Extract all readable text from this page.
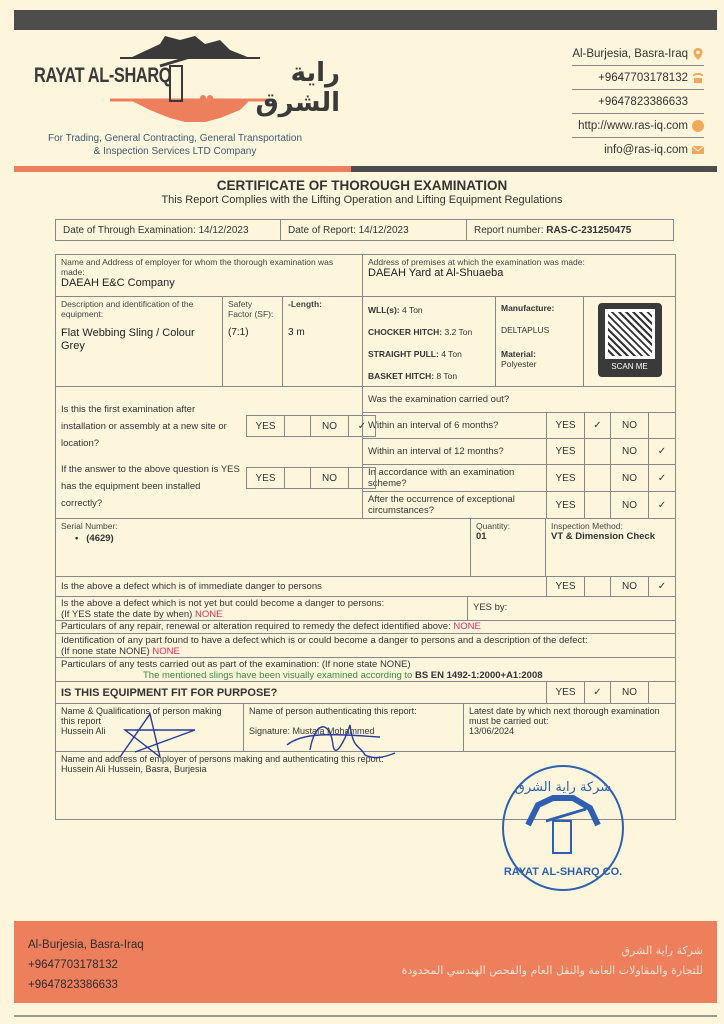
RAYAT AL-SHARQ	راية الشرق
For Trading, General Contracting, General Transportation
& Inspection Services LTD Company
Al-Burjesia, Basra-Iraq
+9647703178132
+9647823386633
http://www.ras-iq.com
info@ras-iq.com
CERTIFICATE OF THOROUGH EXAMINATION

This Report Complies with the Lifting Operation and Lifting Equipment Regulations

Date of Through Examination: 14/12/2023	Date of Report: 14/12/2023	Report number: RAS-C-231250475
Name and Address of employer for whom the thorough examination was made:
DAEAH E&C Company
Address of premises at which the examination was made:
DAEAH Yard at Al-Shuaeba
Description and identification of the equipment:
Flat Webbing Sling / Colour Grey
Safety Factor (SF):
(7:1)
-Length:
3 m
WLL(s): 4 Ton
CHOCKER HITCH: 3.2 Ton
STRAIGHT PULL: 4 Ton
BASKET HITCH: 8 Ton
Manufacture:
DELTAPLUS
Material:
Polyester	SCAN ME
Is this the first examination after installation or assembly at a new site or location?
YES	NO	✓
If the answer to the above question is YES has the equipment been installed correctly?
YES	NO
Was the examination carried out?
Within an interval of 6 months?	YES	✓	NO
Within an interval of 12 months?	YES	NO	✓
In accordance with an examination scheme?	YES	NO	✓
After the occurrence of exceptional circumstances?	YES	NO	✓
Serial Number:
•   (4629)
Quantity:
01
Inspection Method:
VT & Dimension Check
Is the above a defect which is of immediate danger to persons	YES	NO	✓
Is the above a defect which is not yet but could become a danger to persons:
(If YES state the date by when) NONE
YES by:
Particulars of any repair, renewal or alteration required to remedy the defect identified above: NONE
Identification of any part found to have a defect which is or could become a danger to persons and a description of the defect:
(If none state NONE) NONE
Particulars of any tests carried out as part of the examination: (If none state NONE)
The mentioned slings have been visually examined according to BS EN 1492-1:2000+A1:2008
IS THIS EQUIPMENT FIT FOR PURPOSE?	YES	✓	NO
Name & Qualifications of person making this report
Hussein Ali
Name of person authenticating this report:
Signature: Mustafa Mohammed
Latest date by which next thorough examination must be carried out:
13/06/2024
Name and address of employer of persons making and authenticating this report:
Hussein Ali Hussein, Basra, Burjesia
شركة راية الشرق
RAYAT AL-SHARQ CO.
Al-Burjesia, Basra-Iraq
+9647703178132
+9647823386633
شركة راية الشرق
للتجارة والمقاولات العامة والنقل العام والفحص الهندسي المحدودة
